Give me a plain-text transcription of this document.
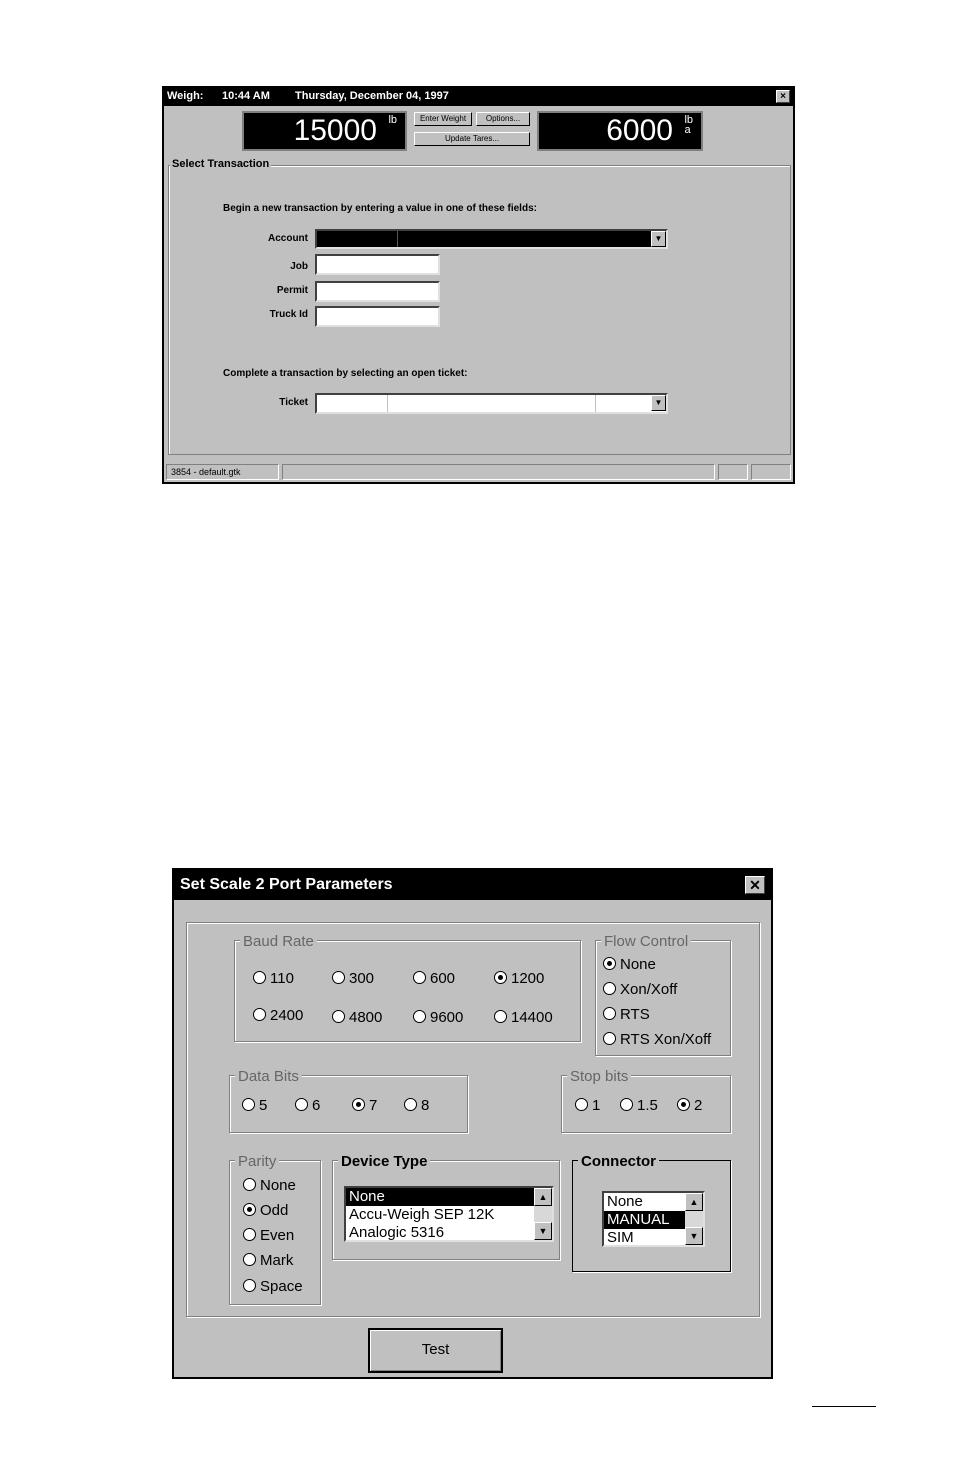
Weigh: 10:44 AM Thursday, December 04, 1997	×
15000 lb	Enter Weight	Options...
Update Tares...	6000 lb
a
Select Transaction
Begin a new transaction by entering a value in one of these fields:
Account	▼
Job
Permit
Truck Id
Complete a transaction by selecting an open ticket:
Ticket	▼
3854 - default.gtk
Set Scale 2 Port Parameters	✕
Baud Rate
110	300	600	1200
2400	4800	9600	14400
Flow Control
None
Xon/Xoff
RTS
RTS Xon/Xoff
Data Bits
5	6	7	8
Stop bits
1	1.5	2
Parity
None
Odd
Even
Mark
Space
Device Type
None
Accu-Weigh SEP 12K
Analogic 5316
▲
▼
Connector
None
MANUAL
SIM
▲
▼
Test
